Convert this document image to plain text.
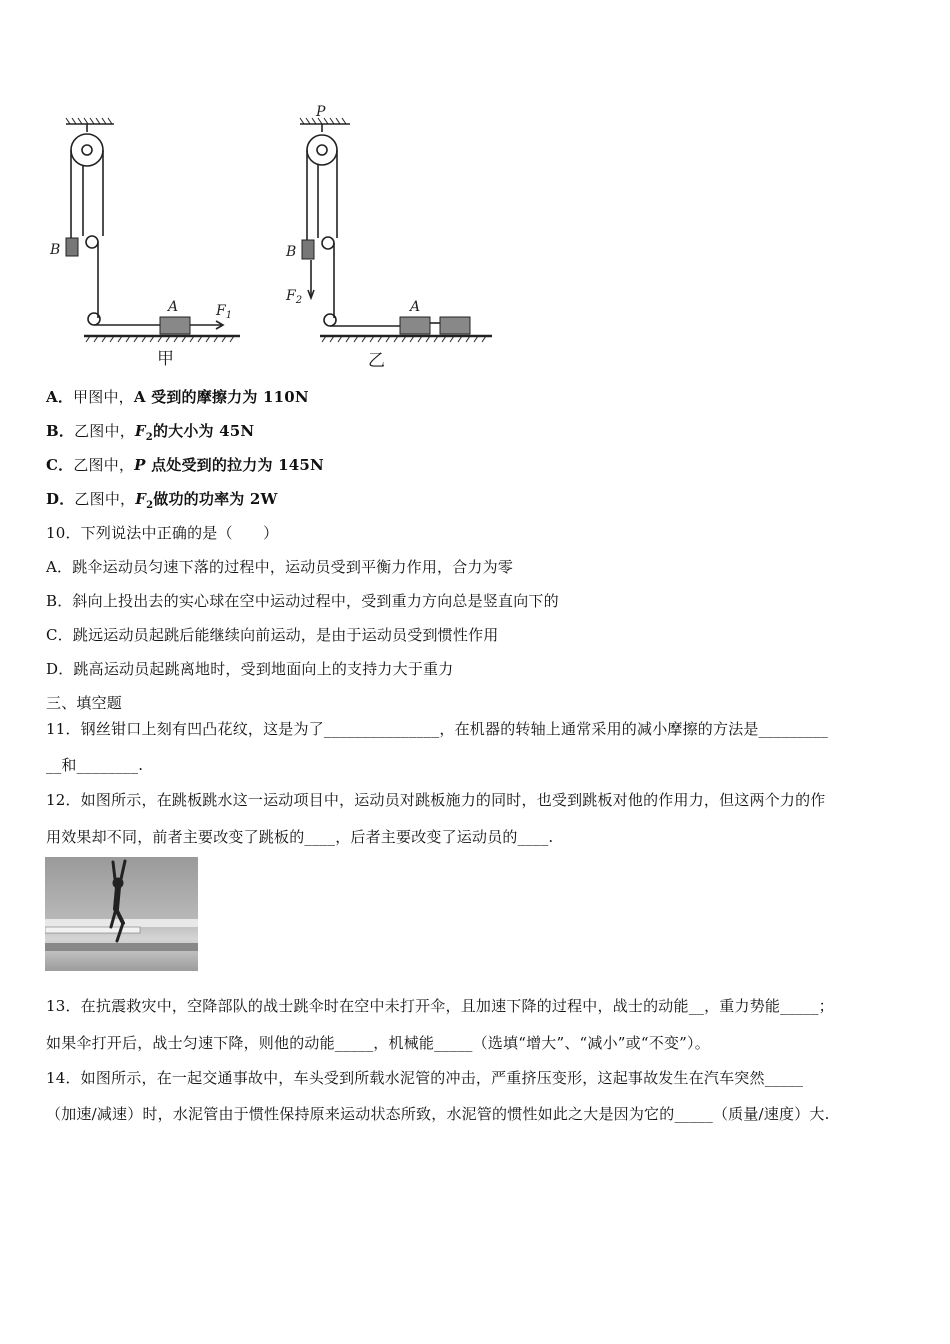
B
A	$F_1$
甲
P
B
$F_2$	A
乙
A．甲图中，A 受到的摩擦力为 110N
B．乙图中，$F_2$的大小为 45N
C．乙图中，P 点处受到的拉力为 145N
D．乙图中，$F_2$做功的功率为 2W
10．下列说法中正确的是（　　）
A．跳伞运动员匀速下落的过程中，运动员受到平衡力作用，合力为零
B．斜向上投出去的实心球在空中运动过程中，受到重力方向总是竖直向下的
C．跳远运动员起跳后能继续向前运动，是由于运动员受到惯性作用
D．跳高运动员起跳离地时，受到地面向上的支持力大于重力
三、填空题
11．钢丝钳口上刻有凹凸花纹，这是为了_______________，在机器的转轴上通常采用的减小摩擦的方法是_________
__和________.
12．如图所示，在跳板跳水这一运动项目中，运动员对跳板施力的同时，也受到跳板对他的作用力，但这两个力的作
用效果却不同，前者主要改变了跳板的____，后者主要改变了运动员的____.
13．在抗震救灾中，空降部队的战士跳伞时在空中未打开伞，且加速下降的过程中，战士的动能__，重力势能_____；
如果伞打开后，战士匀速下降，则他的动能_____，机械能_____（选填“增大”、“减小”或“不变”）。
14．如图所示，在一起交通事故中，车头受到所载水泥管的冲击，严重挤压变形，这起事故发生在汽车突然_____
（加速/减速）时，水泥管由于惯性保持原来运动状态所致，水泥管的惯性如此之大是因为它的_____（质量/速度）大.
